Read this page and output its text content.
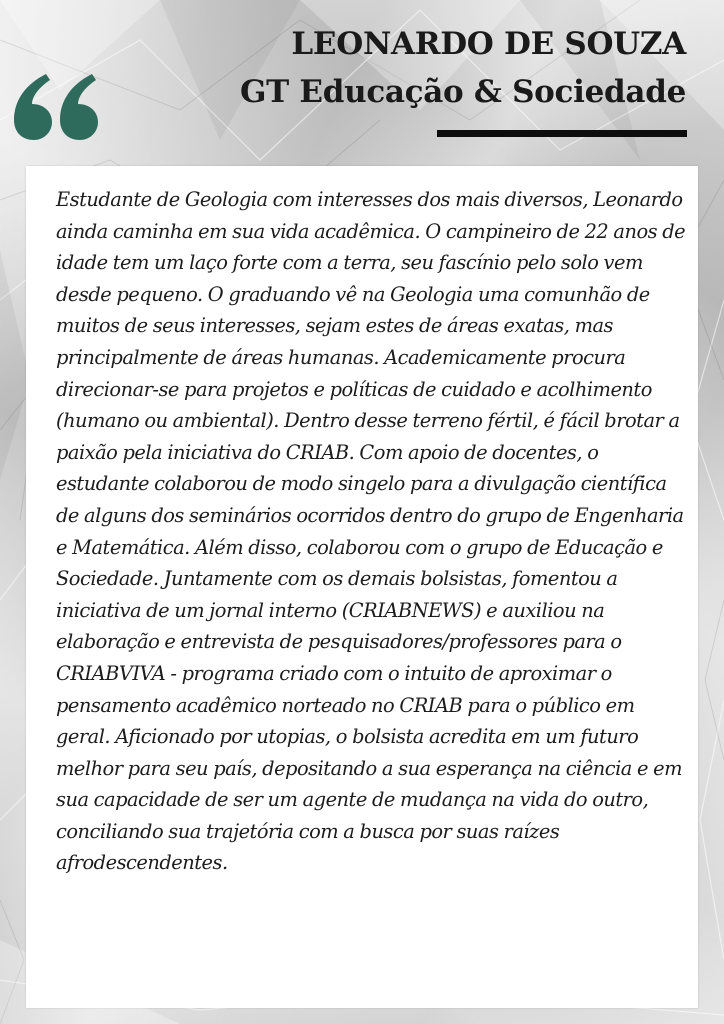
LEONARDO DE SOUZA
GT Educação & Sociedade

Estudante de Geologia com interesses dos mais diversos, Leonardo ainda caminha em sua vida acadêmica. O campineiro de 22 anos de idade tem um laço forte com a terra, seu fascínio pelo solo vem desde pequeno. O graduando vê na Geologia uma comunhão de muitos de seus interesses, sejam estes de áreas exatas, mas principalmente de áreas humanas. Academicamente procura direcionar-se para projetos e políticas de cuidado e acolhimento (humano ou ambiental). Dentro desse terreno fértil, é fácil brotar a paixão pela iniciativa do CRIAB. Com apoio de docentes, o estudante colaborou de modo singelo para a divulgação científica de alguns dos seminários ocorridos dentro do grupo de Engenharia e Matemática. Além disso, colaborou com o grupo de Educação e Sociedade. Juntamente com os demais bolsistas, fomentou a iniciativa de um jornal interno (CRIABNEWS) e auxiliou na elaboração e entrevista de pesquisadores/professores para o CRIABVIVA - programa criado com o intuito de aproximar o pensamento acadêmico norteado no CRIAB para o público em geral. Aficionado por utopias, o bolsista acredita em um futuro melhor para seu país, depositando a sua esperança na ciência e em sua capacidade de ser um agente de mudança na vida do outro, conciliando sua trajetória com a busca por suas raízes afrodescendentes.
